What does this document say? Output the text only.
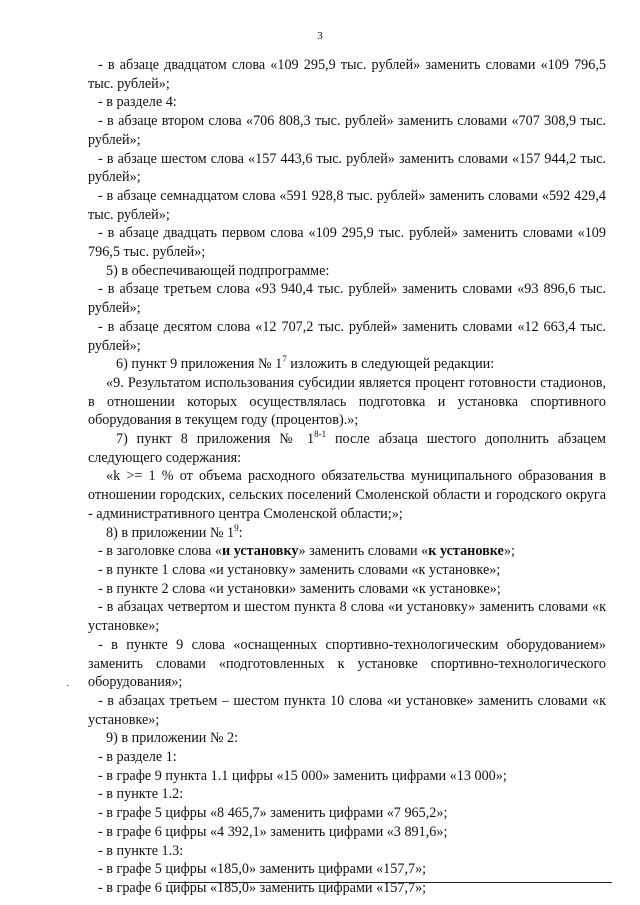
3

- в абзаце двадцатом слова «109 295,9 тыс. рублей» заменить словами «109 796,5 тыс. рублей»;

- в разделе 4:

- в абзаце втором слова «706 808,3 тыс. рублей» заменить словами «707 308,9 тыс. рублей»;

- в абзаце шестом слова «157 443,6 тыс. рублей» заменить словами «157 944,2 тыс. рублей»;

- в абзаце семнадцатом слова «591 928,8 тыс. рублей» заменить словами «592 429,4 тыс. рублей»;

- в абзаце двадцать первом слова «109 295,9 тыс. рублей» заменить словами «109 796,5 тыс. рублей»;

5) в обеспечивающей подпрограмме:

- в абзаце третьем слова «93 940,4 тыс. рублей» заменить словами «93 896,6 тыс. рублей»;

- в абзаце десятом слова «12 707,2 тыс. рублей» заменить словами «12 663,4 тыс. рублей»;

6) пункт 9 приложения № $1^7$ изложить в следующей редакции:

«9. Результатом использования субсидии является процент готовности стадионов, в отношении которых осуществлялась подготовка и установка спортивного оборудования в текущем году (процентов).»;

7) пункт 8 приложения № 1$^{8-1}$ после абзаца шестого дополнить абзацем следующего содержания:

«k >= 1 % от объема расходного обязательства муниципального образования в отношении городских, сельских поселений Смоленской области и городского округа - административного центра Смоленской области;»;

8) в приложении № $1^9$:

- в заголовке слова «и установку» заменить словами «к установке»;

- в пункте 1 слова «и установку» заменить словами «к установке»;

- в пункте 2 слова «и установки» заменить словами «к установке»;

- в абзацах четвертом и шестом пункта 8 слова «и установку» заменить словами «к установке»;

- в пункте 9 слова «оснащенных спортивно-технологическим оборудованием» заменить словами «подготовленных к установке спортивно-технологического оборудования»;

- в абзацах третьем – шестом пункта 10 слова «и установке» заменить словами «к установке»;

9) в приложении № 2:

- в разделе 1:

- в графе 9 пункта 1.1 цифры «15 000» заменить цифрами «13 000»;

- в пункте 1.2:

- в графе 5 цифры «8 465,7» заменить цифрами «7 965,2»;

- в графе 6 цифры «4 392,1» заменить цифрами «3 891,6»;

- в пункте 1.3:

- в графе 5 цифры «185,0» заменить цифрами «157,7»;

- в графе 6 цифры «185,0» заменить цифрами «157,7»;

·
